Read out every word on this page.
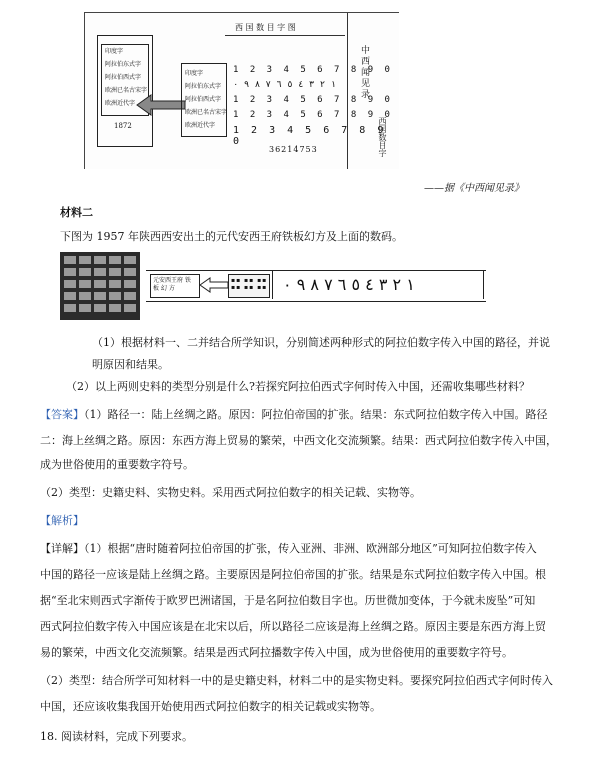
印度字
阿拉伯东式字
阿拉伯西式字
欧洲已名古宋字
欧洲近代字
1872
印度字
阿拉伯东式字
阿拉伯西式字
欧洲已名古宋字
欧洲近代字
西 国 数 目 字 图
1 2 3 4 5 6 7 8 9 0
١ ٢ ٣ ٤ ٥ ٦ ٧ ٨ ٩ ٠
1 2 3 4 5 6 7 8 9 0
1 2 3 4 5 6 7 8 9 0
1 2 3 4 5 6 7 8 9 0
36214753
中西闻见录
西国数目字
——据《中西闻见录》
材料二
下图为 1957 年陕西西安出土的元代安西王府铁板幻方及上面的数码。
元安西王府 铁 板 幻 方
▪▪ ▪▪ ▪▪
▪▪ ▪▪ ▪▪	١ ٢ ٣ ٤ ٥ ٦ ٧ ٨ ٩ ٠
（1）根据材料一、二并结合所学知识，分别简述两种形式的阿拉伯数字传入中国的路径，并说
明原因和结果。
（2）以上两则史料的类型分别是什么?若探究阿拉伯西式字何时传入中国，还需收集哪些材料？
【答案】（1）路径一：陆上丝绸之路。原因：阿拉伯帝国的扩张。结果：东式阿拉伯数字传入中国。路径
二：海上丝绸之路。原因：东西方海上贸易的繁荣，中西文化交流频繁。结果：西式阿拉伯数字传入中国，
成为世俗使用的重要数字符号。
（2）类型：史籍史料、实物史料。采用西式阿拉伯数字的相关记载、实物等。
【解析】
【详解】（1）根据“唐时随着阿拉伯帝国的扩张，传入亚洲、非洲、欧洲部分地区”可知阿拉伯数字传入
中国的路径一应该是陆上丝绸之路。主要原因是阿拉伯帝国的扩张。结果是东式阿拉伯数字传入中国。根
据“至北宋则西式字渐传于欧罗巴洲诸国，于是名阿拉伯数目字也。历世微加变体，于今就未废坠”可知
西式阿拉伯数字传入中国应该是在北宋以后，所以路径二应该是海上丝绸之路。原因主要是东西方海上贸
易的繁荣，中西文化交流频繁。结果是西式阿拉播数字传入中国，成为世俗使用的重要数字符号。
（2）类型：结合所学可知材料一中的是史籍史料，材料二中的是实物史料。要探究阿拉伯西式字何时传入
中国，还应该收集我国开始使用西式阿拉伯数字的相关记载或实物等。
18. 阅读材料，完成下列要求。
